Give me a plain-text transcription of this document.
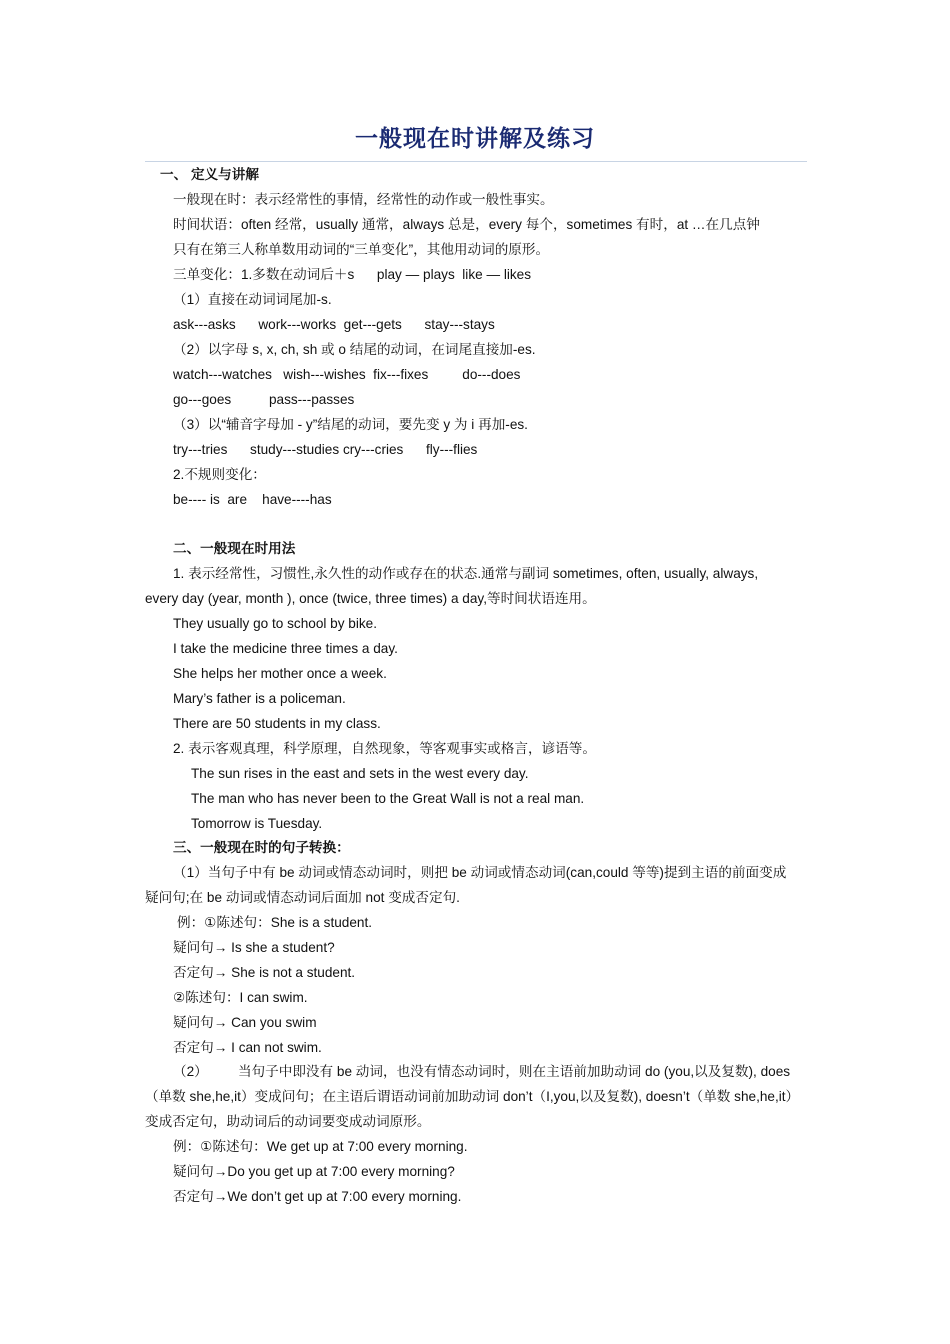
一般现在时讲解及练习
一、 定义与讲解
一般现在时：表示经常性的事情，经常性的动作或一般性事实。
时间状语：often 经常，usually 通常，always 总是，every 每个，sometimes 有时，at …在几点钟
只有在第三人称单数用动词的“三单变化”，其他用动词的原形。
三单变化：1.多数在动词后＋s      play — plays  like — likes
（1）直接在动词词尾加-s.
ask---asks      work---works  get---gets      stay---stays
（2）以字母 s, x, ch, sh 或 o 结尾的动词，在词尾直接加-es.
watch---watches   wish---wishes  fix---fixes         do---does
go---goes          pass---passes
（3）以“辅音字母加 - y”结尾的动词，要先变 y 为 i 再加-es.
try---tries      study---studies cry---cries      fly---flies
2.不规则变化：
be---- is  are    have----has
二、一般现在时用法
1. 表示经常性，习惯性,永久性的动作或存在的状态.通常与副词 sometimes, often, usually, always,
every day (year, month ), once (twice, three times) a day,等时间状语连用。
They usually go to school by bike.
I take the medicine three times a day.
She helps her mother once a week.
Mary’s father is a policeman.
There are 50 students in my class.
2. 表示客观真理，科学原理，自然现象，等客观事实或格言，谚语等。
The sun rises in the east and sets in the west every day.
The man who has never been to the Great Wall is not a real man.
Tomorrow is Tuesday.
三、一般现在时的句子转换：
（1）当句子中有 be 动词或情态动词时，则把 be 动词或情态动词(can,could 等等)提到主语的前面变成
疑问句;在 be 动词或情态动词后面加 not 变成否定句.
例：①陈述句：She is a student.
疑问句→ Is she a student?
否定句→ She is not a student.
②陈述句：I can swim.
疑问句→ Can you swim
否定句→ I can not swim.
（2）        当句子中即没有 be 动词，也没有情态动词时，则在主语前加助动词 do (you,以及复数), does
（单数 she,he,it）变成问句；在主语后谓语动词前加助动词 don’t（I,you,以及复数), doesn’t（单数 she,he,it）
变成否定句，助动词后的动词要变成动词原形。
例：①陈述句：We get up at 7:00 every morning.
疑问句→Do you get up at 7:00 every morning?
否定句→We don’t get up at 7:00 every morning.
